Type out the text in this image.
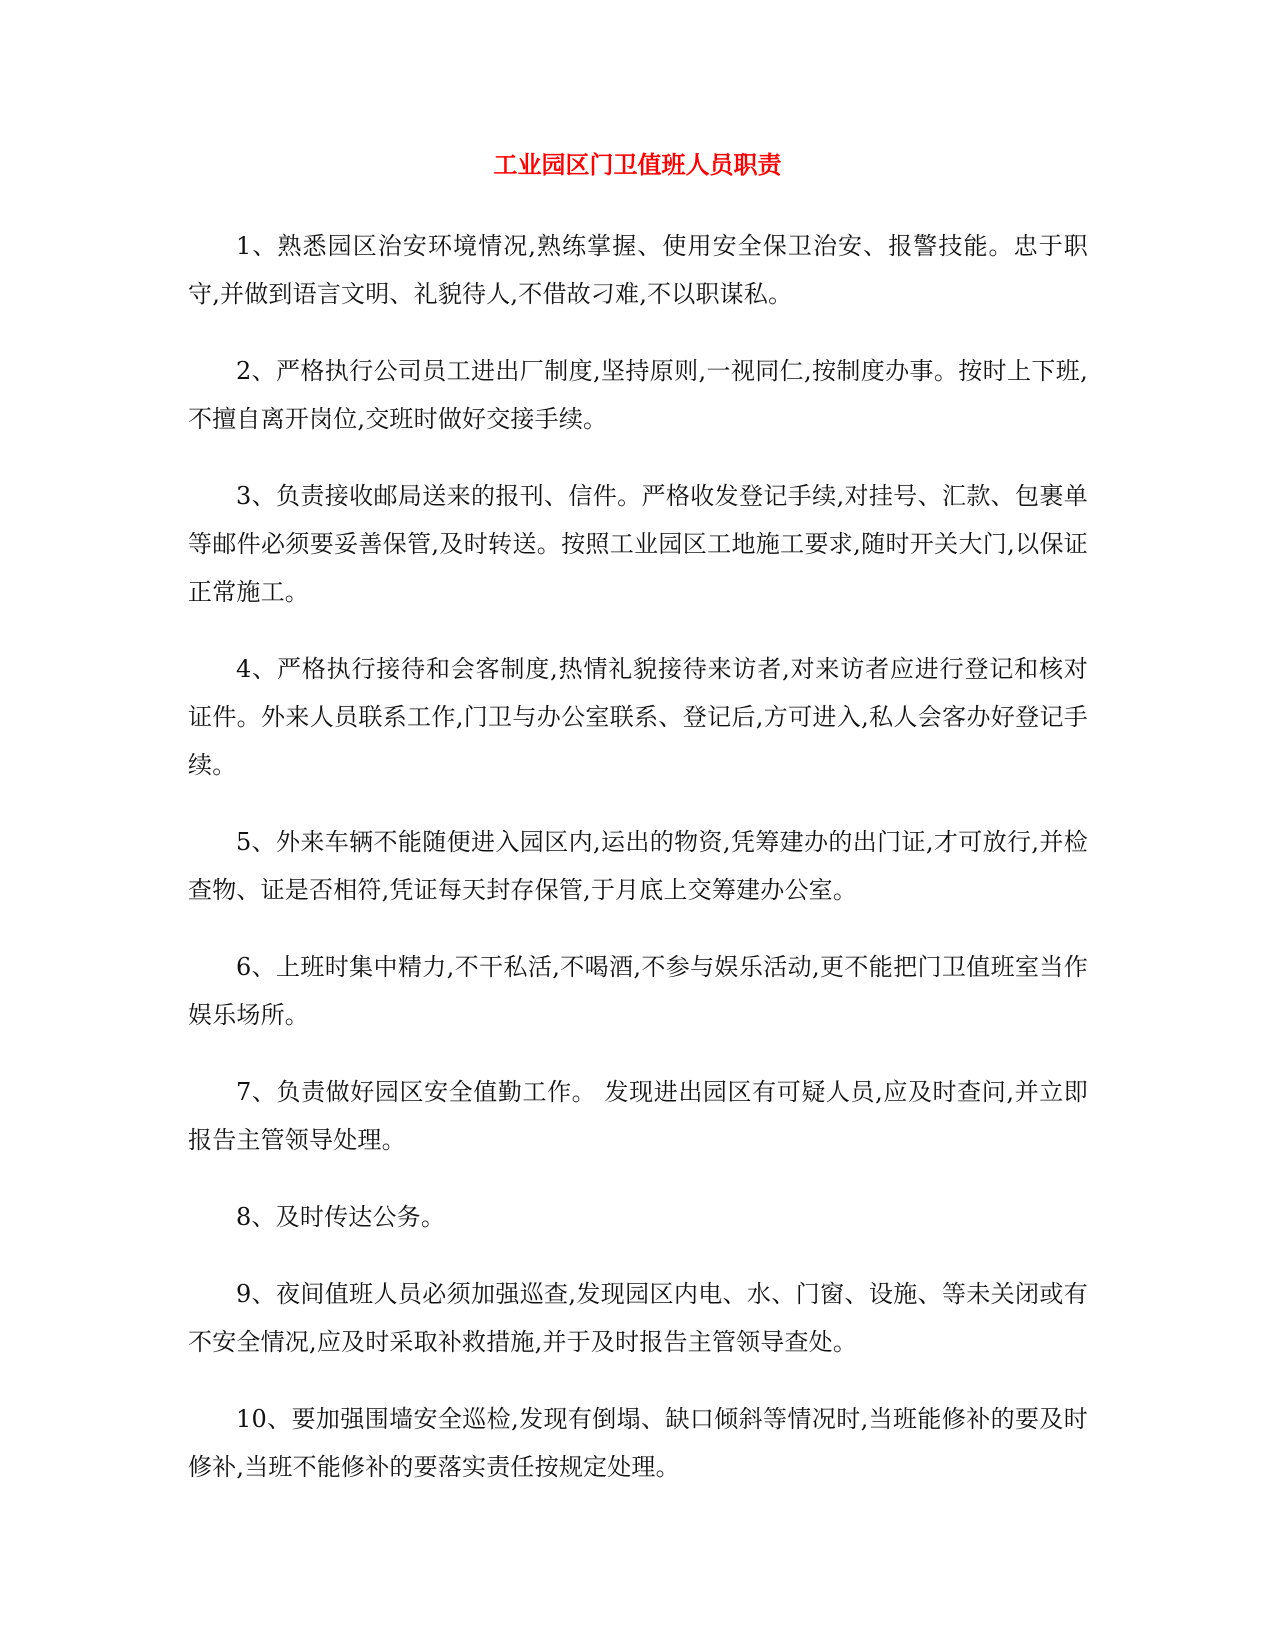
工业园区门卫值班人员职责

1、熟悉园区治安环境情况,熟练掌握、使用安全保卫治安、报警技能。忠于职守,并做到语言文明、礼貌待人,不借故刁难,不以职谋私。

2、严格执行公司员工进出厂制度,坚持原则,一视同仁,按制度办事。按时上下班,不擅自离开岗位,交班时做好交接手续。

3、负责接收邮局送来的报刊、信件。严格收发登记手续,对挂号、汇款、包裹单等邮件必须要妥善保管,及时转送。按照工业园区工地施工要求,随时开关大门,以保证正常施工。

4、严格执行接待和会客制度,热情礼貌接待来访者,对来访者应进行登记和核对证件。外来人员联系工作,门卫与办公室联系、登记后,方可进入,私人会客办好登记手续。

5、外来车辆不能随便进入园区内,运出的物资,凭筹建办的出门证,才可放行,并检查物、证是否相符,凭证每天封存保管,于月底上交筹建办公室。

6、上班时集中精力,不干私活,不喝酒,不参与娱乐活动,更不能把门卫值班室当作娱乐场所。

7、负责做好园区安全值勤工作。 发现进出园区有可疑人员,应及时查问,并立即报告主管领导处理。

8、及时传达公务。

9、夜间值班人员必须加强巡查,发现园区内电、水、门窗、设施、等未关闭或有不安全情况,应及时采取补救措施,并于及时报告主管领导查处。

10、要加强围墙安全巡检,发现有倒塌、缺口倾斜等情况时,当班能修补的要及时修补,当班不能修补的要落实责任按规定处理。
